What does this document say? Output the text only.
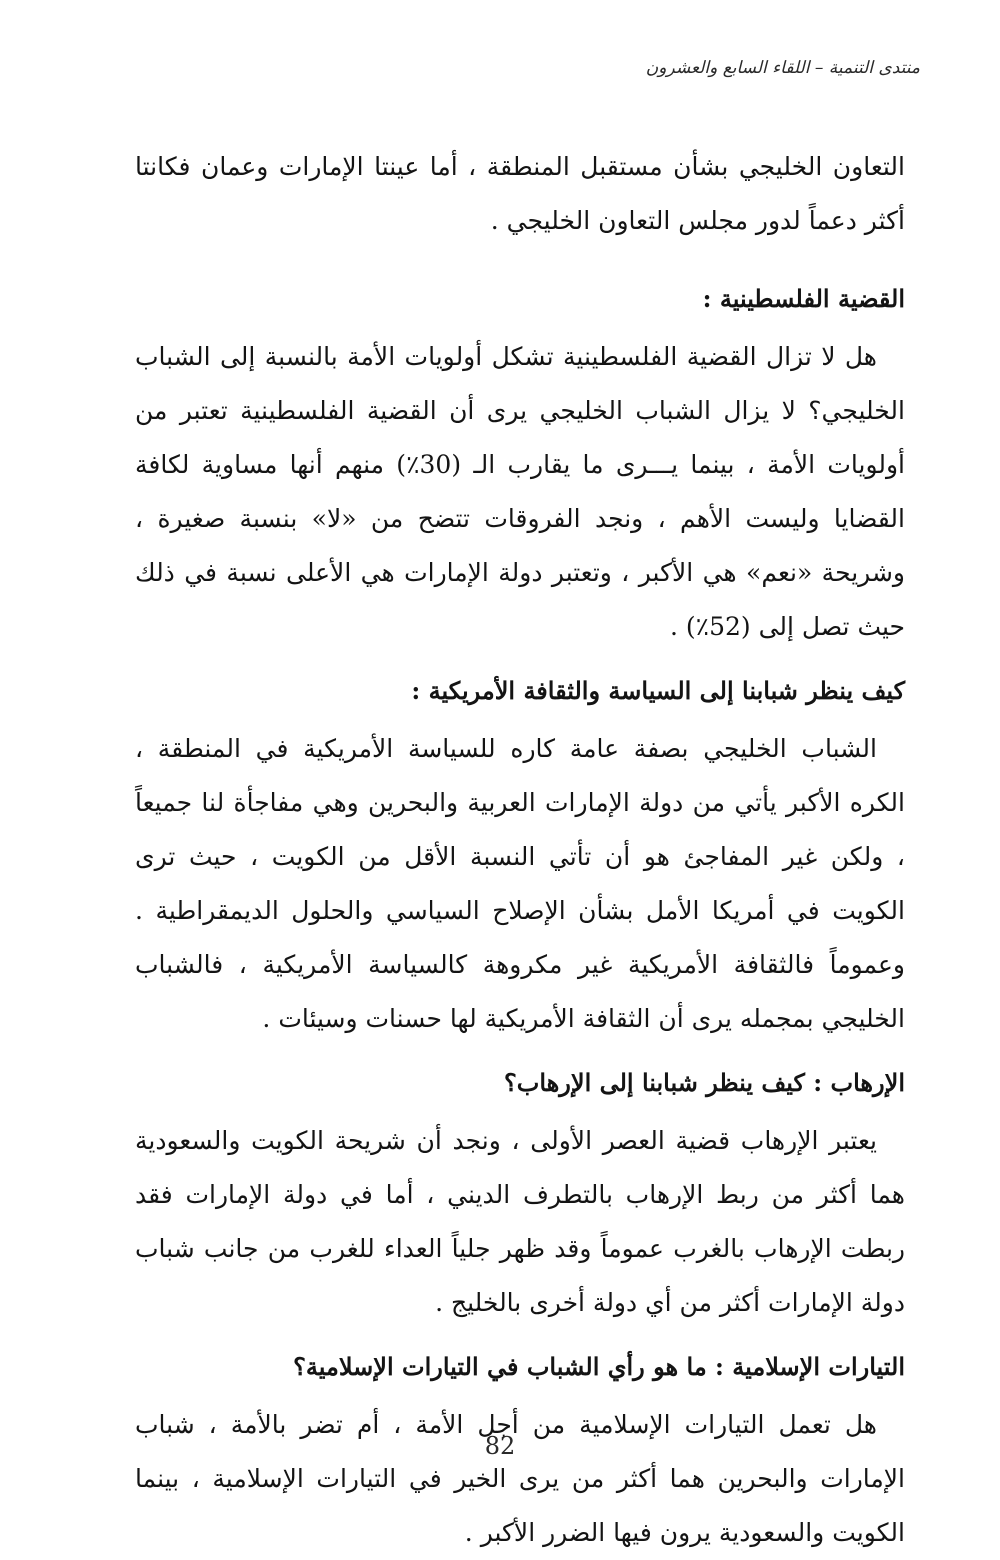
منتدى التنمية – اللقاء السابع والعشرون

التعاون الخليجي بشأن مستقبل المنطقة ، أما عينتا الإمارات وعمان فكانتا أكثر دعماً لدور مجلس التعاون الخليجي .

القضية الفلسطينية :

هل لا تزال القضية الفلسطينية تشكل أولويات الأمة بالنسبة إلى الشباب الخليجي؟ لا يزال الشباب الخليجي يرى أن القضية الفلسطينية تعتبر من أولويات الأمة ، بينما يـــرى ما يقارب الـ (30٪) منهم أنها مساوية لكافة القضايا وليست الأهم ، ونجد الفروقات تتضح من «لا» بنسبة صغيرة ، وشريحة «نعم» هي الأكبر ، وتعتبر دولة الإمارات هي الأعلى نسبة في ذلك حيث تصل إلى (52٪) .

كيف ينظر شبابنا إلى السياسة والثقافة الأمريكية :

الشباب الخليجي بصفة عامة كاره للسياسة الأمريكية في المنطقة ، الكره الأكبر يأتي من دولة الإمارات العربية والبحرين وهي مفاجأة لنا جميعاً ، ولكن غير المفاجئ هو أن تأتي النسبة الأقل من الكويت ، حيث ترى الكويت في أمريكا الأمل بشأن الإصلاح السياسي والحلول الديمقراطية . وعموماً فالثقافة الأمريكية غير مكروهة كالسياسة الأمريكية ، فالشباب الخليجي بمجمله يرى أن الثقافة الأمريكية لها حسنات وسيئات .

الإرهاب : كيف ينظر شبابنا إلى الإرهاب؟

يعتبر الإرهاب قضية العصر الأولى ، ونجد أن شريحة الكويت والسعودية هما أكثر من ربط الإرهاب بالتطرف الديني ، أما في دولة الإمارات فقد ربطت الإرهاب بالغرب عموماً وقد ظهر جلياً العداء للغرب من جانب شباب دولة الإمارات أكثر من أي دولة أخرى بالخليج .

التيارات الإسلامية : ما هو رأي الشباب في التيارات الإسلامية؟

هل تعمل التيارات الإسلامية من أجل الأمة ، أم تضر بالأمة ، شباب الإمارات والبحرين هما أكثر من يرى الخير في التيارات الإسلامية ، بينما الكويت والسعودية يرون فيها الضرر الأكبر .

82
